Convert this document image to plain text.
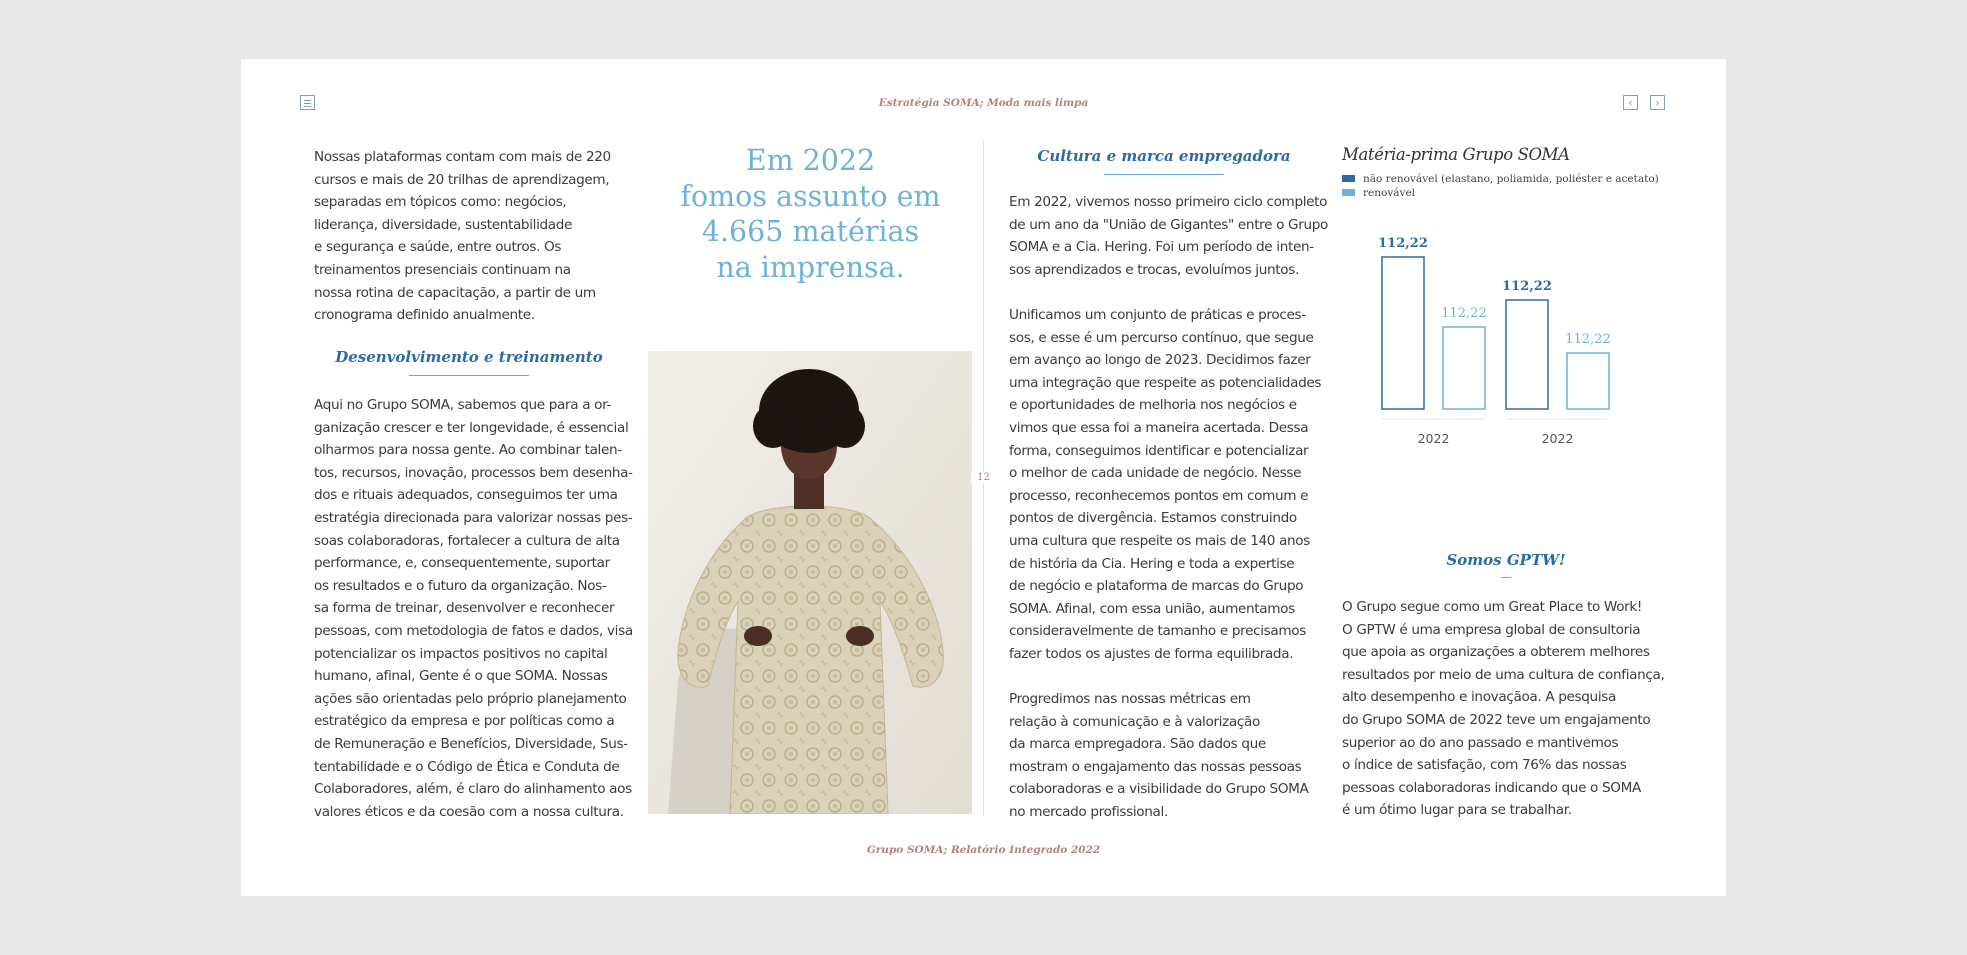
Estratégia SOMA; Moda mais limpa	‹	›

Nossas plataformas contam com mais de 220

cursos e mais de 20 trilhas de aprendizagem,

separadas em tópicos como: negócios,

liderança, diversidade, sustentabilidade

e segurança e saúde, entre outros. Os

treinamentos presenciais continuam na

nossa rotina de capacitação, a partir de um

cronograma definido anualmente.

Desenvolvimento e treinamento

Aqui no Grupo SOMA, sabemos que para a or-

ganização crescer e ter longevidade, é essencial

olharmos para nossa gente. Ao combinar talen-

tos, recursos, inovação, processos bem desenha-

dos e rituais adequados, conseguimos ter uma

estratégia direcionada para valorizar nossas pes-

soas colaboradoras, fortalecer a cultura de alta

performance, e, consequentemente, suportar

os resultados e o futuro da organização. Nos-

sa forma de treinar, desenvolver e reconhecer

pessoas, com metodologia de fatos e dados, visa

potencializar os impactos positivos no capital

humano, afinal, Gente é o que SOMA. Nossas

ações são orientadas pelo próprio planejamento

estratégico da empresa e por políticas como a

de Remuneração e Benefícios, Diversidade, Sus-

tentabilidade e o Código de Ética e Conduta de

Colaboradores, além, é claro do alinhamento aos

valores éticos e da coesão com a nossa cultura.

Em 2022
fomos assunto em
4.665 matérias
na imprensa.
12
Cultura e marca empregadora

Em 2022, vivemos nosso primeiro ciclo completo

de um ano da "União de Gigantes" entre o Grupo

SOMA e a Cia. Hering. Foi um período de inten-

sos aprendizados e trocas, evoluímos juntos.

Unificamos um conjunto de práticas e proces-

sos, e esse é um percurso contínuo, que segue

em avanço ao longo de 2023. Decidimos fazer

uma integração que respeite as potencialidades

e oportunidades de melhoria nos negócios e

vimos que essa foi a maneira acertada. Dessa

forma, conseguimos identificar e potencializar

o melhor de cada unidade de negócio. Nesse

processo, reconhecemos pontos em comum e

pontos de divergência. Estamos construindo

uma cultura que respeite os mais de 140 anos

de história da Cia. Hering e toda a expertise

de negócio e plataforma de marcas do Grupo

SOMA. Afinal, com essa união, aumentamos

consideravelmente de tamanho e precisamos

fazer todos os ajustes de forma equilibrada.

Progredimos nas nossas métricas em

relação à comunicação e à valorização

da marca empregadora. São dados que

mostram o engajamento das nossas pessoas

colaboradoras e a visibilidade do Grupo SOMA

no mercado profissional.

Matéria-prima Grupo SOMA
não renovável (elastano, poliamida, poliéster e acetato)
renovável
112,22
112,22
2022
112,22
112,22
2022
Somos GPTW!

O Grupo segue como um Great Place to Work!

O GPTW é uma empresa global de consultoria

que apoia as organizações a obterem melhores

resultados por meio de uma cultura de confiança,

alto desempenho e inovaçãoa. A pesquisa

do Grupo SOMA de 2022 teve um engajamento

superior ao do ano passado e mantivemos

o índice de satisfação, com 76% das nossas

pessoas colaboradoras indicando que o SOMA

é um ótimo lugar para se trabalhar.

Grupo SOMA; Relatório Integrado 2022
